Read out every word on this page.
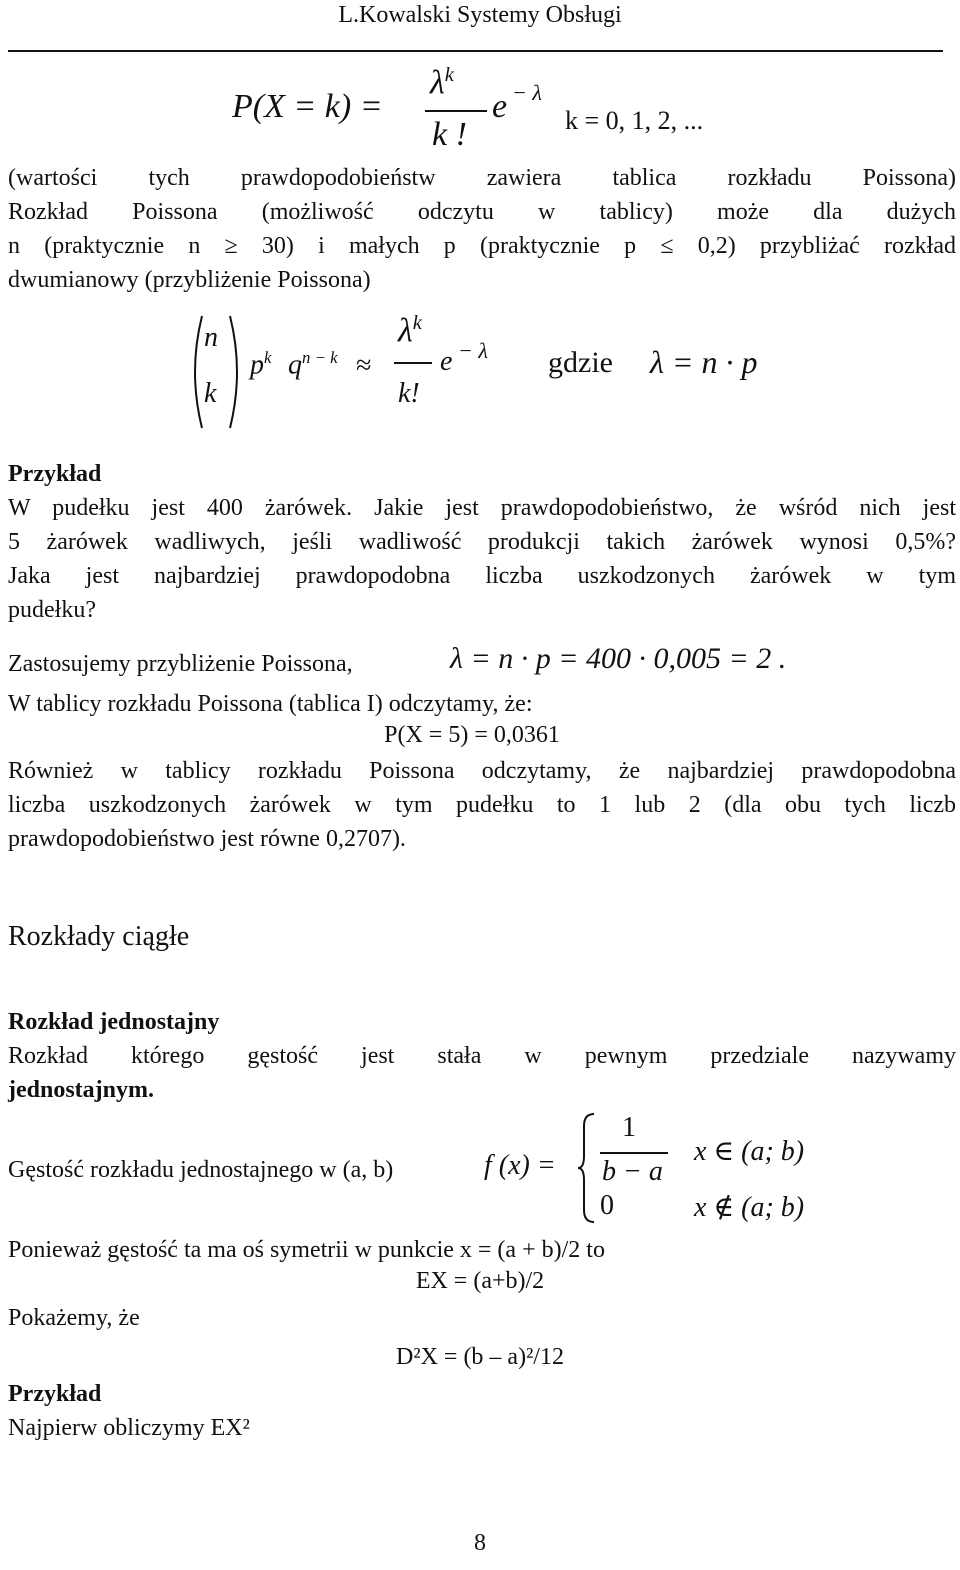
L.Kowalski Systemy Obsługi
P(X = k) =
$\lambda^k$
k !
e − λ
k = 0, 1, 2, ...
(wartości tych prawdopodobieństw zawiera tablica rozkładu Poissona)
Rozkład Poissona (możliwość odczytu w tablicy) może dla dużych
n (praktycznie n ≥ 30) i małych p (praktycznie p ≤ 0,2) przybliżać rozkład
dwumianowy (przybliżenie Poissona)
n
k
$p^k$ $q^{n - k}$ ≈
$\lambda^k$
k!
e − λ gdzie λ = n · p
Przykład
W pudełku jest 400 żarówek. Jakie jest prawdopodobieństwo, że wśród nich jest
5 żarówek wadliwych, jeśli wadliwość produkcji takich żarówek wynosi 0,5%?
Jaka jest najbardziej prawdopodobna liczba uszkodzonych żarówek w tym
pudełku?
Zastosujemy przybliżenie Poissona,	λ = n · p = 400 · 0,005 = 2 .
W tablicy rozkładu Poissona (tablica I) odczytamy, że:
P(X = 5) = 0,0361
Również w tablicy rozkładu Poissona odczytamy, że najbardziej prawdopodobna
liczba uszkodzonych żarówek w tym pudełku to 1 lub 2 (dla obu tych liczb
prawdopodobieństwo jest równe 0,2707).
Rozkłady ciągłe
Rozkład jednostajny
Rozkład którego gęstość jest stała w pewnym przedziale nazywamy
jednostajnym.
Gęstość rozkładu jednostajnego w (a, b)	f (x) =
1
b − a
0
x ∈ (a; b)
x ∉ (a; b)
Ponieważ gęstość ta ma oś symetrii w punkcie x = (a + b)/2 to
EX = (a+b)/2
Pokażemy, że
D²X = (b – a)²/12
Przykład
Najpierw obliczymy EX²
8
